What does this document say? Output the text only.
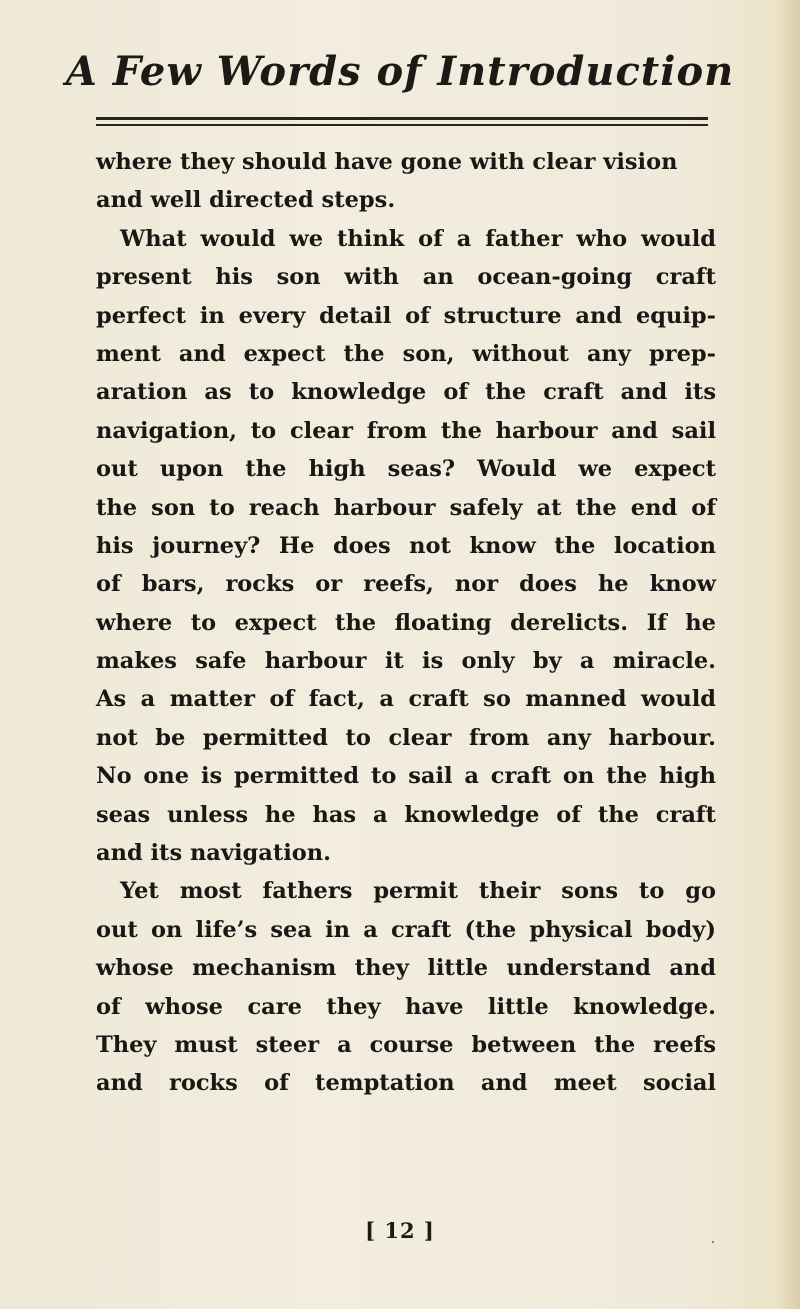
A Few Words of Introduction
where they should have gone with clear vision
and well directed steps.
What would we think of a father who would
present his son with an ocean-going craft
perfect in every detail of structure and equip-
ment and expect the son, without any prep-
aration as to knowledge of the craft and its
navigation, to clear from the harbour and sail
out upon the high seas? Would we expect
the son to reach harbour safely at the end of
his journey? He does not know the location
of bars, rocks or reefs, nor does he know
where to expect the floating derelicts. If he
makes safe harbour it is only by a miracle.
As a matter of fact, a craft so manned would
not be permitted to clear from any harbour.
No one is permitted to sail a craft on the high
seas unless he has a knowledge of the craft
and its navigation.
Yet most fathers permit their sons to go
out on life’s sea in a craft (the physical body)
whose mechanism they little understand and
of whose care they have little knowledge.
They must steer a course between the reefs
and rocks of temptation and meet social
[ 12 ]
